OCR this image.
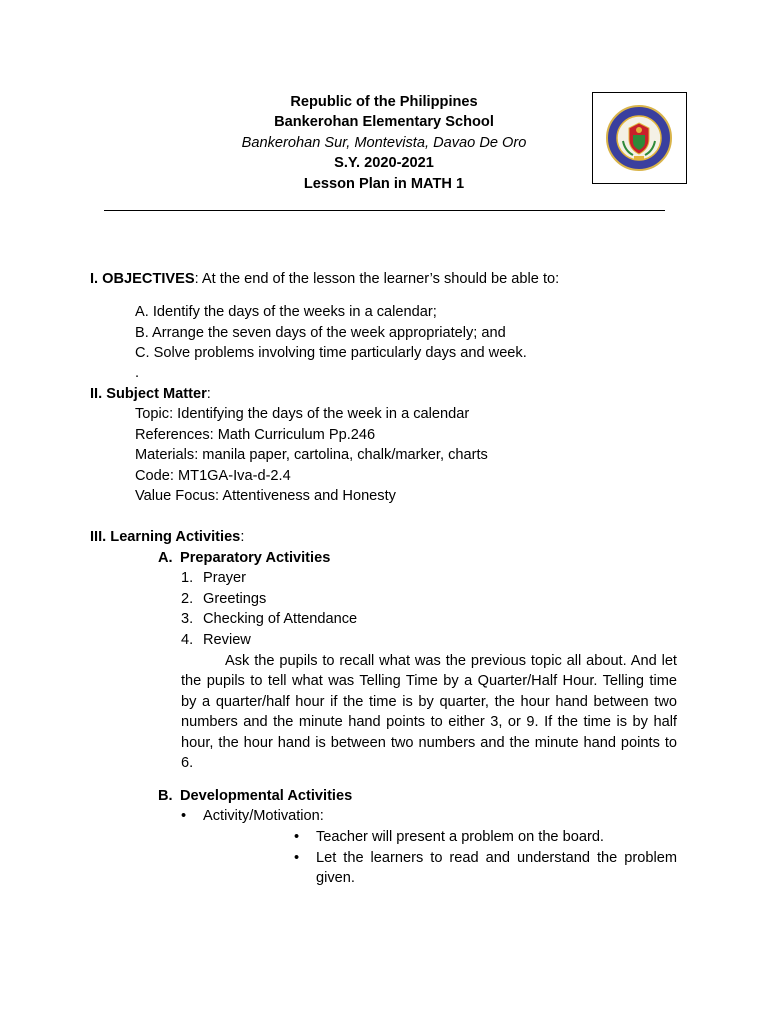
Republic of the Philippines
Bankerohan Elementary School
Bankerohan Sur, Montevista, Davao De Oro
S.Y. 2020-2021
Lesson Plan in MATH 1
I. OBJECTIVES: At the end of the lesson the learner’s should be able to:
A. Identify the days of the weeks in a calendar;
B. Arrange the seven days of the week appropriately; and
C. Solve problems involving time particularly days and week.
.
II. Subject Matter:
Topic: Identifying the days of the week in a calendar
References: Math Curriculum Pp.246
Materials: manila paper, cartolina, chalk/marker, charts
Code: MT1GA-Iva-d-2.4
Value Focus: Attentiveness and Honesty
III. Learning Activities:
A. Preparatory Activities
1. Prayer
2. Greetings
3. Checking of Attendance
4. Review

Ask the pupils to recall what was the previous topic all about. And let the pupils to tell what was Telling Time by a Quarter/Half Hour. Telling time by a quarter/half hour if the time is by quarter, the hour hand between two numbers and the minute hand points to either 3, or 9. If the time is by half hour, the hour hand is between two numbers and the minute hand points to 6.

B. Developmental Activities
• Activity/Motivation:
• Teacher will present a problem on the board.
•	Let the learners to read and understand the problem given.
